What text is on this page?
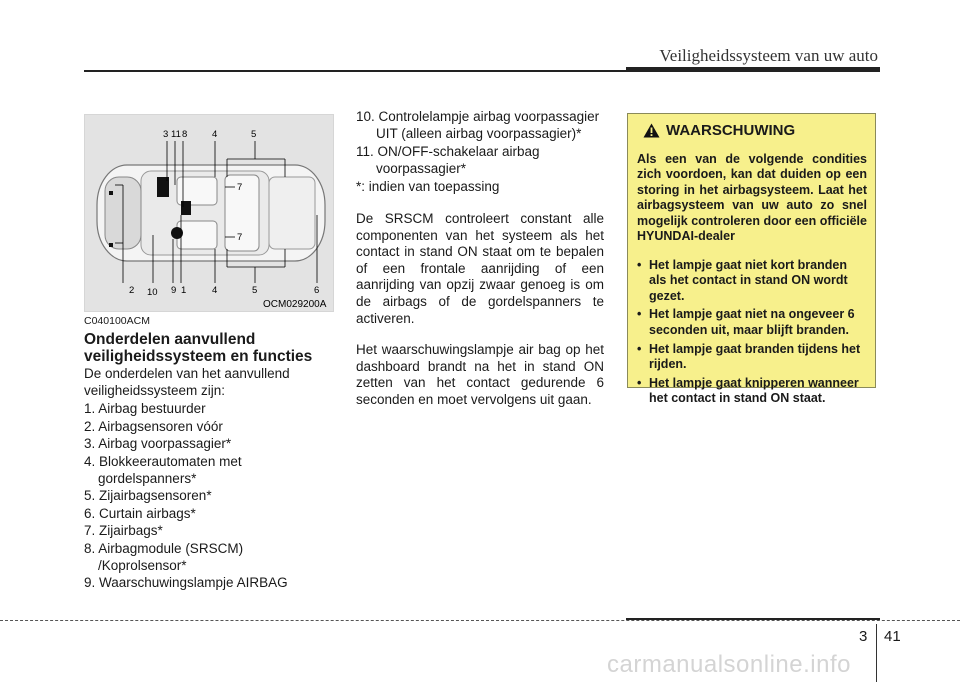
Veiligheidssysteem van uw auto
3 11 8	4	5
7
7
2 10 9 1	4	5	6
OCM029200A
C040100ACM
Onderdelen aanvullend veiligheidssysteem en functies

De onderdelen van het aanvullend veiligheidssysteem zijn:

1. Airbag bestuurder

2. Airbagsensoren vóór

3. Airbag voorpassagier*

4. Blokkeerautomaten met gordelspanners*

5. Zijairbagsensoren*

6. Curtain airbags*

7. Zijairbags*

8. Airbagmodule (SRSCM) /Koprolsensor*

9. Waarschuwingslampje AIRBAG

10. Controlelampje airbag voorpassagier UIT (alleen airbag voorpassagier)*

11. ON/OFF-schakelaar airbag voorpassagier*

*: indien van toepassing

De SRSCM controleert constant alle componenten van het systeem als het contact in stand ON staat om te bepalen of een frontale aanrijding of een aanrijding van opzij zwaar genoeg is om de airbags of de gordelspanners te activeren.

Het waarschuwingslampje air bag op het dashboard brandt na het in stand ON zetten van het contact gedurende 6 seconden en moet vervolgens uit gaan.

WAARSCHUWING

Als een van de volgende condities zich voordoen, kan dat duiden op een storing in het airbagsysteem. Laat het airbagsysteem van uw auto zo snel mogelijk controleren door een officiële HYUNDAI-dealer

• Het lampje gaat niet kort branden als het contact in stand ON wordt gezet.
• Het lampje gaat niet na ongeveer 6 seconden uit, maar blijft branden.
• Het lampje gaat branden tijdens het rijden.
• Het lampje gaat knipperen wanneer het contact in stand ON staat.
3 41
carmanualsonline.info
